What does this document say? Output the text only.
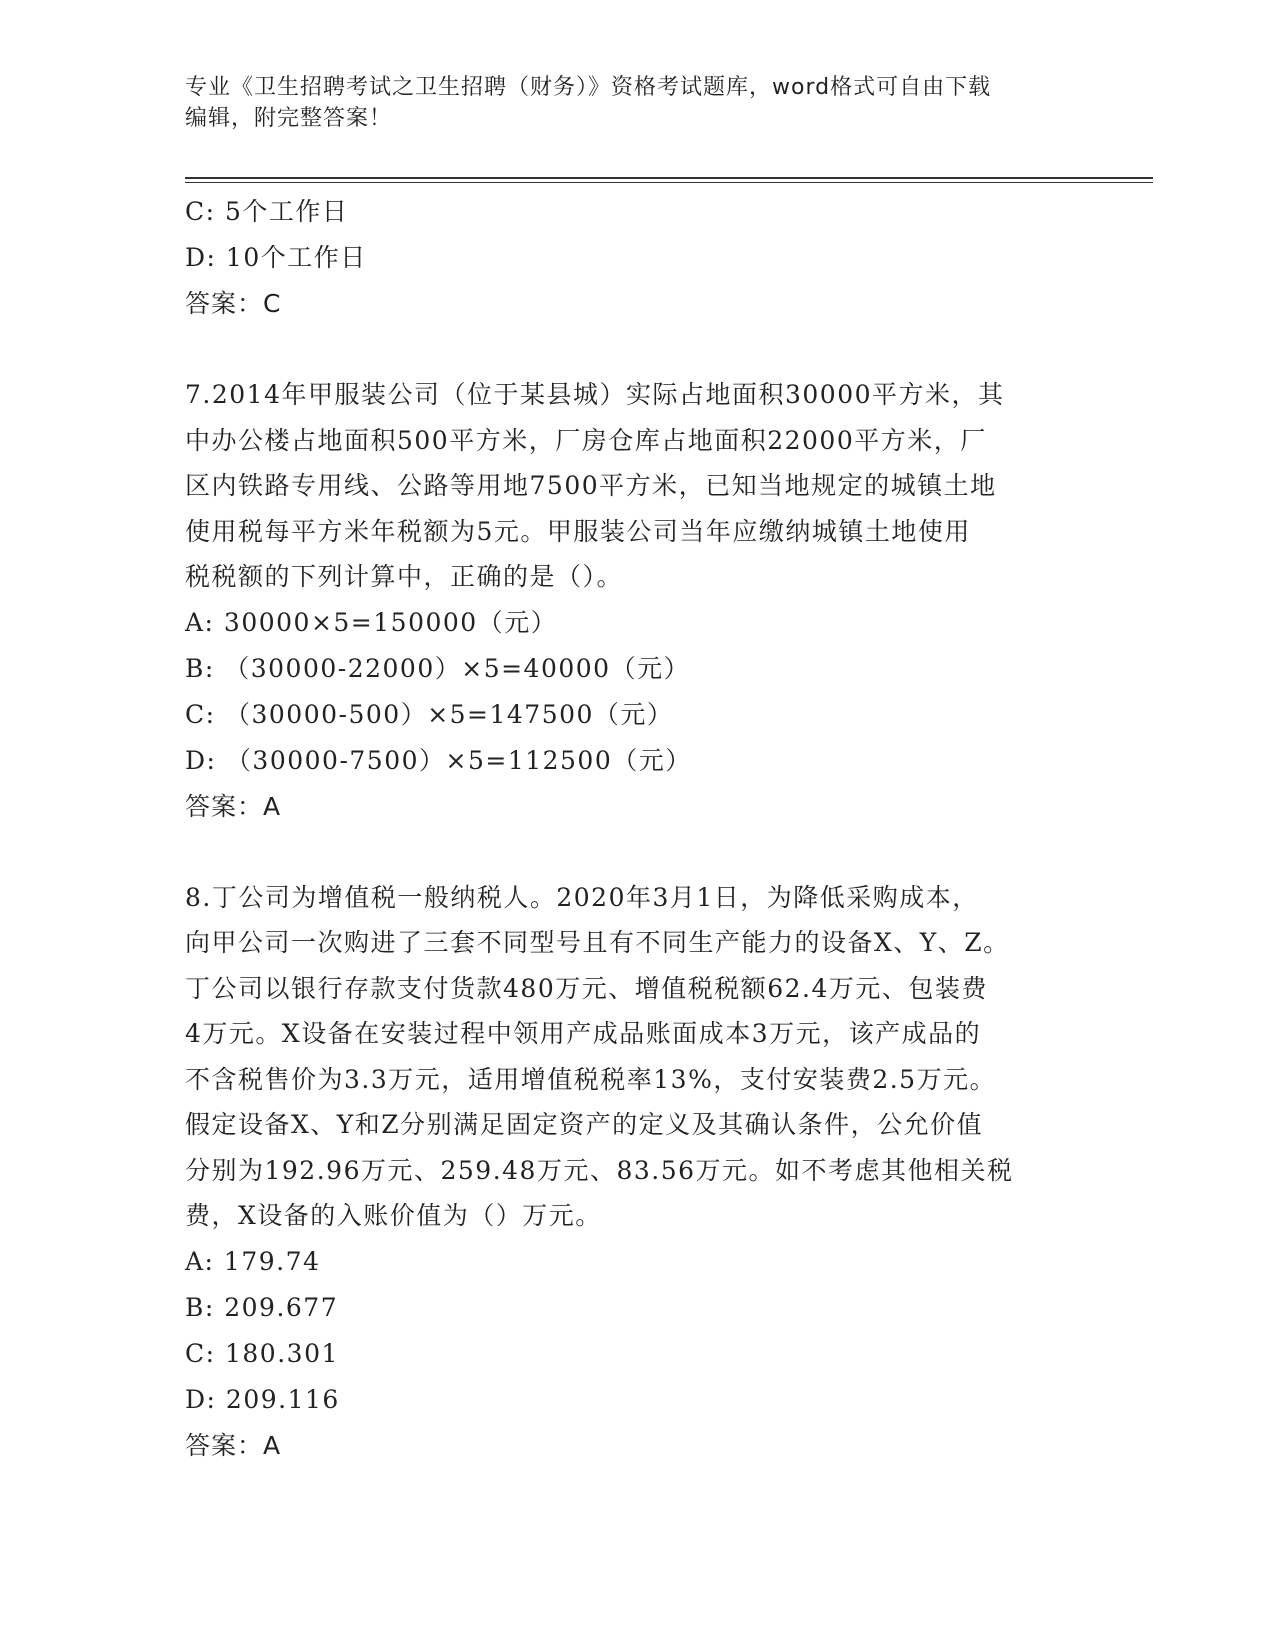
专业《卫生招聘考试之卫生招聘（财务）》资格考试题库，word格式可自由下载
编辑，附完整答案！
C: 5个工作日
D: 10个工作日
答案：C
7.2014年甲服装公司（位于某县城）实际占地面积30000平方米，其
中办公楼占地面积500平方米，厂房仓库占地面积22000平方米，厂
区内铁路专用线、公路等用地7500平方米，已知当地规定的城镇土地
使用税每平方米年税额为5元。甲服装公司当年应缴纳城镇土地使用
税税额的下列计算中，正确的是（）。
A: 30000×5=150000（元）
B: （30000-22000）×5=40000（元）
C: （30000-500）×5=147500（元）
D: （30000-7500）×5=112500（元）
答案：A
8.丁公司为增值税一般纳税人。2020年3月1日，为降低采购成本，
向甲公司一次购进了三套不同型号且有不同生产能力的设备X、Y、Z。
丁公司以银行存款支付货款480万元、增值税税额62.4万元、包装费
4万元。X设备在安装过程中领用产成品账面成本3万元，该产成品的
不含税售价为3.3万元，适用增值税税率13%，支付安装费2.5万元。
假定设备X、Y和Z分别满足固定资产的定义及其确认条件，公允价值
分别为192.96万元、259.48万元、83.56万元。如不考虑其他相关税
费，X设备的入账价值为（）万元。
A: 179.74
B: 209.677
C: 180.301
D: 209.116
答案：A
